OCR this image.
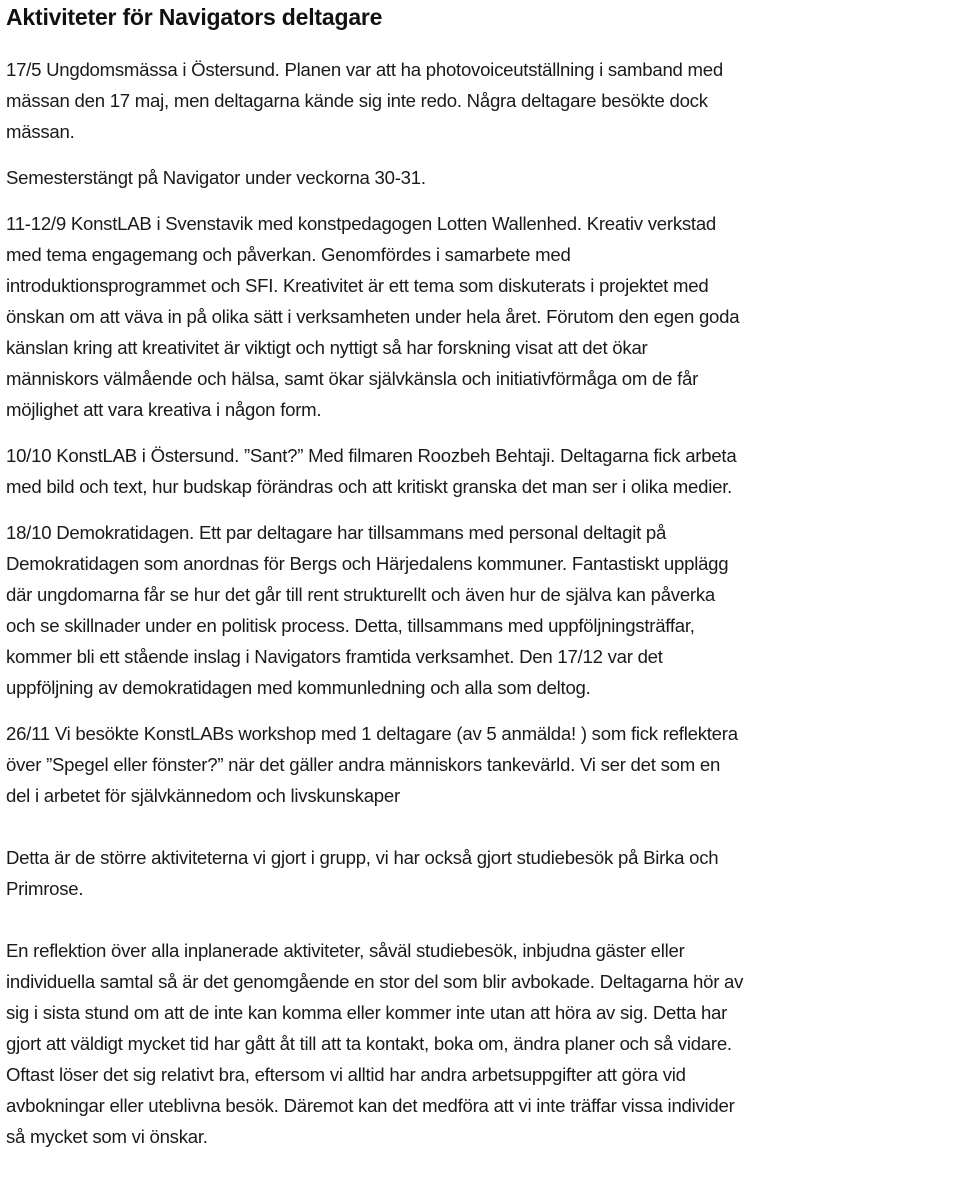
Aktiviteter för Navigators deltagare

17/5 Ungdomsmässa i Östersund. Planen var att ha photovoiceutställning i samband med
mässan den 17 maj, men deltagarna kände sig inte redo. Några deltagare besökte dock
mässan.

Semesterstängt på Navigator under veckorna 30-31.

11-12/9 KonstLAB i Svenstavik med konstpedagogen Lotten Wallenhed. Kreativ verkstad
med tema engagemang och påverkan. Genomfördes i samarbete med
introduktionsprogrammet och SFI. Kreativitet är ett tema som diskuterats i projektet med
önskan om att väva in på olika sätt i verksamheten under hela året. Förutom den egen goda
känslan kring att kreativitet är viktigt och nyttigt så har forskning visat att det ökar
människors välmående och hälsa, samt ökar självkänsla och initiativförmåga om de får
möjlighet att vara kreativa i någon form.

10/10 KonstLAB i Östersund. ”Sant?” Med filmaren Roozbeh Behtaji. Deltagarna fick arbeta
med bild och text, hur budskap förändras och att kritiskt granska det man ser i olika medier.

18/10 Demokratidagen. Ett par deltagare har tillsammans med personal deltagit på
Demokratidagen som anordnas för Bergs och Härjedalens kommuner. Fantastiskt upplägg
där ungdomarna får se hur det går till rent strukturellt och även hur de själva kan påverka
och se skillnader under en politisk process. Detta, tillsammans med uppföljningsträffar,
kommer bli ett stående inslag i Navigators framtida verksamhet. Den 17/12 var det
uppföljning av demokratidagen med kommunledning och alla som deltog.

26/11 Vi besökte KonstLABs workshop med 1 deltagare (av 5 anmälda! ) som fick reflektera
över ”Spegel eller fönster?” när det gäller andra människors tankevärld. Vi ser det som en
del i arbetet för självkännedom och livskunskaper

Detta är de större aktiviteterna vi gjort i grupp, vi har också gjort studiebesök på Birka och
Primrose.

En reflektion över alla inplanerade aktiviteter, såväl studiebesök, inbjudna gäster eller
individuella samtal så är det genomgående en stor del som blir avbokade. Deltagarna hör av
sig i sista stund om att de inte kan komma eller kommer inte utan att höra av sig. Detta har
gjort att väldigt mycket tid har gått åt till att ta kontakt, boka om, ändra planer och så vidare.
Oftast löser det sig relativt bra, eftersom vi alltid har andra arbetsuppgifter att göra vid
avbokningar eller uteblivna besök. Däremot kan det medföra att vi inte träffar vissa individer
så mycket som vi önskar.
